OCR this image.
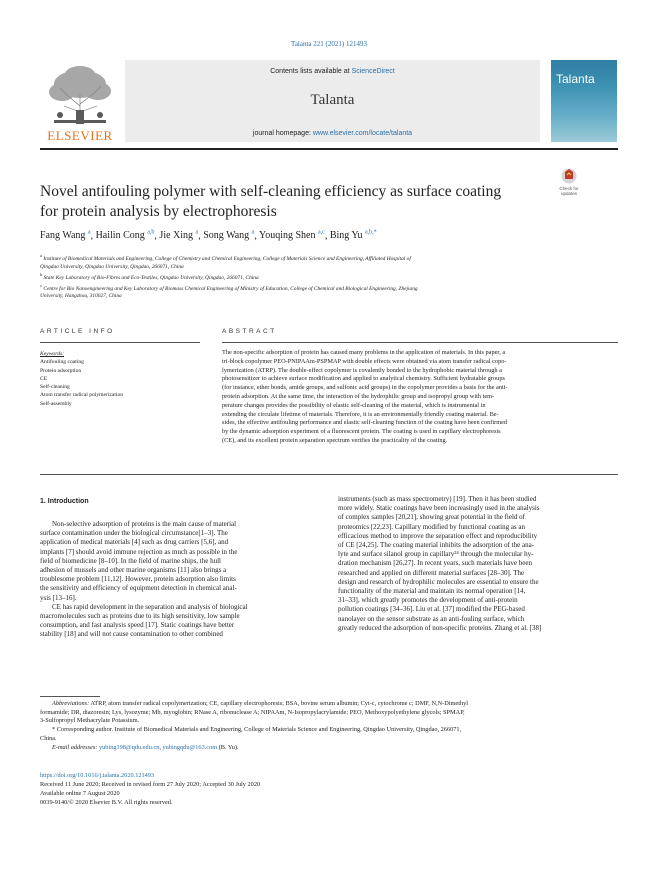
Talanta 221 (2021) 121493
ELSEVIER
Contents lists available at ScienceDirect
Talanta
journal homepage: www.elsevier.com/locate/talanta
Talanta
Novel antifouling polymer with self-cleaning efficiency as surface coating
for protein analysis by electrophoresis
Check for
updates
Fang Wang $^a$, Hailin Cong $^{a,b}$, Jie Xing $^a$, Song Wang $^a$, Youqing Shen $^{a,c}$, Bing Yu $^{a,b,*}$
$^a$ Institute of Biomedical Materials and Engineering, College of Chemistry and Chemical Engineering, College of Materials Science and Engineering, Affiliated Hospital of
Qingdao University, Qingdao University, Qingdao, 266071, China
$^b$ State Key Laboratory of Bio-Fibres and Eco-Textiles, Qingdao University, Qingdao, 266071, China
$^c$ Centre for Bio Nanoengineering and Key Laboratory of Biomass Chemical Engineering of Ministry of Education, College of Chemical and Biological Engineering, Zhejiang
University, Hangzhou, 310027, China
ARTICLE INFO	ABSTRACT
Keywords:
Antifouling coating
Protein adsorption
CE
Self-cleaning
Atom transfer radical polymerization
Self-assembly
The non-specific adsorption of protein has caused many problems in the application of materials. In this paper, a
tri-block copolymer PEO-PNIPAAm-PSPMAP with double effects were obtained via atom transfer radical copo-
lymerization (ATRP). The double-effect copolymer is covalently bonded to the hydrophobic material through a
photosensitizer to achieve surface modification and applied to analytical chemistry. Sufficient hydratable groups
(for instance, ether bonds, amide groups, and sulfonic acid groups) in the copolymer provides a basis for the anti-
protein adsorption. At the same time, the interaction of the hydrophilic group and isopropyl group with tem-
perature changes provides the possibility of elastic self-cleaning of the material, which is instrumental in
extending the circulate lifetime of materials. Therefore, it is an environmentally friendly coating material. Be-
sides, the effective antifouling performance and elastic self-cleaning function of the coating have been confirmed
by the dynamic adsorption experiment of a fluorescent protein. The coating is used in capillary electrophoresis
(CE), and its excellent protein separation spectrum verifies the practicality of the coating.
1. Introduction
Non-selective adsorption of proteins is the main cause of material
surface contamination under the biological circumstance[1–3]. The
application of medical materials [4] such as drug carriers [5,6], and
implants [7] should avoid immune rejection as much as possible in the
field of biomedicine [8–10]. In the field of marine ships, the hull
adhesion of mussels and other marine organisms [11] also brings a
troublesome problem [11,12]. However, protein adsorption also limits
the sensitivity and efficiency of equipment detection in chemical anal-
ysis [13–16].
CE has rapid development in the separation and analysis of biological
macromolecules such as proteins due to its high sensitivity, low sample
consumption, and fast analysis speed [17]. Static coatings have better
stability [18] and will not cause contamination to other combined
instruments (such as mass spectrometry) [19]. Then it has been studied
more widely. Static coatings have been increasingly used in the analysis
of complex samples [20,21], showing great potential in the field of
proteomics [22,23]. Capillary modified by functional coating as an
efficacious method to improve the separation effect and reproducibility
of CE [24,25]. The coating material inhibits the adsorption of the ana-
lyte and surface silanol group in capillary²⁴ through the molecular hy-
dration mechanism [26,27]. In recent years, such materials have been
researched and applied on different material surfaces [28–30]. The
design and research of hydrophilic molecules are essential to ensure the
functionality of the material and maintain its normal operation [14,
31–33], which greatly promotes the development of anti-protein
pollution coatings [34–36]. Liu et al. [37] modified the PEG-based
nanolayer on the sensor substrate as an anti-fouling surface, which
greatly reduced the adsorption of non-specific proteins. Zhang et al. [38]
Abbreviations: ATRP, atom transfer radical copolymerization; CE, capillary electrophoresis; BSA, bovine serum albumin; Cyt-c, cytochrome c; DMF, N,N-Dimethyl
formamide; DR, diazoresin; Lys, lysozyme; Mb, myoglobin; RNase A, ribonuclease A; NIPAAm, N-Isopropylacrylamide; PEO, Methoxypolyethylene glycols; SPMAP,
3-Sulfopropyl Methacrylate Potassium.
* Corresponding author. Institute of Biomedical Materials and Engineering, College of Materials Science and Engineering, Qingdao University, Qingdao, 266071,
China.
E-mail addresses: yubing198@qdu.edu.cn, yubingqdu@163.com (B. Yu).
https://doi.org/10.1016/j.talanta.2020.121493
Received 11 June 2020; Received in revised form 27 July 2020; Accepted 30 July 2020
Available online 7 August 2020
0039-9140/© 2020 Elsevier B.V. All rights reserved.
